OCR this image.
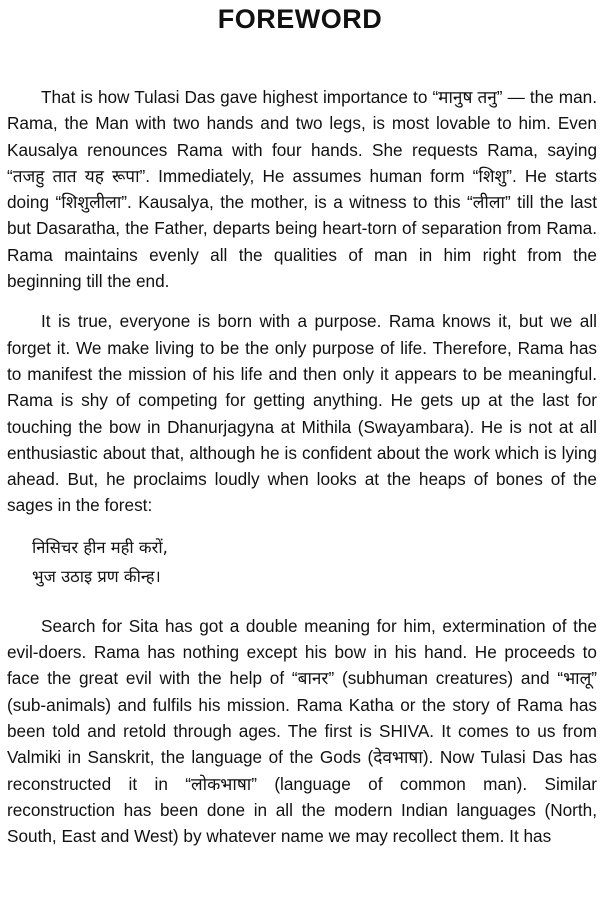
FOREWORD

That is how Tulasi Das gave highest importance to “मानुष तनु” — the man. Rama, the Man with two hands and two legs, is most lovable to him. Even Kausalya renounces Rama with four hands. She requests Rama, saying “तजहु तात यह रूपा”. Immediately, He assumes human form “शिशु”. He starts doing “शिशुलीला”. Kausalya, the mother, is a witness to this “लीला” till the last but Dasaratha, the Father, departs being heart-torn of separation from Rama. Rama maintains evenly all the qualities of man in him right from the beginning till the end.

It is true, everyone is born with a purpose. Rama knows it, but we all forget it. We make living to be the only purpose of life. Therefore, Rama has to manifest the mission of his life and then only it appears to be meaningful. Rama is shy of competing for getting anything. He gets up at the last for touching the bow in Dhanurjagyna at Mithila (Swayambara). He is not at all enthusiastic about that, although he is confident about the work which is lying ahead. But, he proclaims loudly when looks at the heaps of bones of the sages in the forest:

निसिचर हीन मही करों,
भुज उठाइ प्रण कीन्ह।

Search for Sita has got a double meaning for him, extermination of the evil-doers. Rama has nothing except his bow in his hand. He proceeds to face the great evil with the help of “बानर” (subhuman creatures) and “भालू” (sub-animals) and fulfils his mission. Rama Katha or the story of Rama has been told and retold through ages. The first is SHIVA. It comes to us from Valmiki in Sanskrit, the language of the Gods (देवभाषा). Now Tulasi Das has reconstructed it in “लोकभाषा” (language of common man). Similar reconstruction has been done in all the modern Indian languages (North, South, East and West) by whatever name we may recollect them. It has
